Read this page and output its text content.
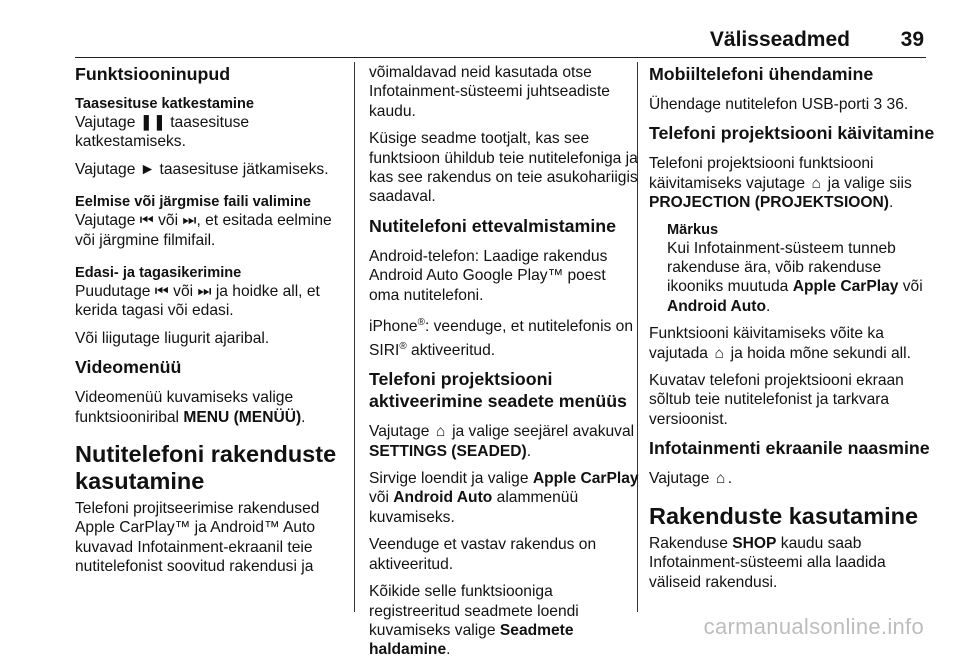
Välisseadmed 39
Funktsiooninupud
Taasesituse katkestamine

Vajutage ❚❚ taasesituse katkestamiseks.

Vajutage ► taasesituse jätkamiseks.

Eelmise või järgmise faili valimine

Vajutage ⏮ või ⏭, et esitada eelmine või järgmine filmifail.

Edasi- ja tagasikerimine

Puudutage ⏮ või ⏭ ja hoidke all, et kerida tagasi või edasi.

Või liigutage liugurit ajaribal.

Videomenüü

Videomenüü kuvamiseks valige funktsiooniribal MENU (MENÜÜ).

Nutitelefoni rakenduste kasutamine

Telefoni projitseerimise rakendused Apple CarPlay™ ja Android™ Auto kuvavad Infotainment-ekraanil teie nutitelefonist soovitud rakendusi ja

võimaldavad neid kasutada otse Infotainment-süsteemi juhtseadiste kaudu.

Küsige seadme tootjalt, kas see funktsioon ühildub teie nutitelefoniga ja kas see rakendus on teie asukohariigis saadaval.

Nutitelefoni ettevalmistamine

Android-telefon: Laadige rakendus Android Auto Google Play™ poest oma nutitelefoni.

iPhone®: veenduge, et nutitelefonis on SIRI® aktiveeritud.

Telefoni projektsiooni aktiveerimine seadete menüüs

Vajutage ⌂ ja valige seejärel avakuval SETTINGS (SEADED).

Sirvige loendit ja valige Apple CarPlay või Android Auto alammenüü kuvamiseks.

Veenduge et vastav rakendus on aktiveeritud.

Kõikide selle funktsiooniga registreeritud seadmete loendi kuvamiseks valige Seadmete haldamine.

Mobiiltelefoni ühendamine

Ühendage nutitelefon USB-porti 3 36.

Telefoni projektsiooni käivitamine

Telefoni projektsiooni funktsiooni käivitamiseks vajutage ⌂ ja valige siis PROJECTION (PROJEKTSIOON).

Märkus

Kui Infotainment-süsteem tunneb rakenduse ära, võib rakenduse ikooniks muutuda Apple CarPlay või Android Auto.

Funktsiooni käivitamiseks võite ka vajutada ⌂ ja hoida mõne sekundi all.

Kuvatav telefoni projektsiooni ekraan sõltub teie nutitelefonist ja tarkvara versioonist.

Infotainmenti ekraanile naasmine

Vajutage ⌂ .

Rakenduste kasutamine

Rakenduse SHOP kaudu saab Infotainment-süsteemi alla laadida väliseid rakendusi.

carmanualsonline.info
